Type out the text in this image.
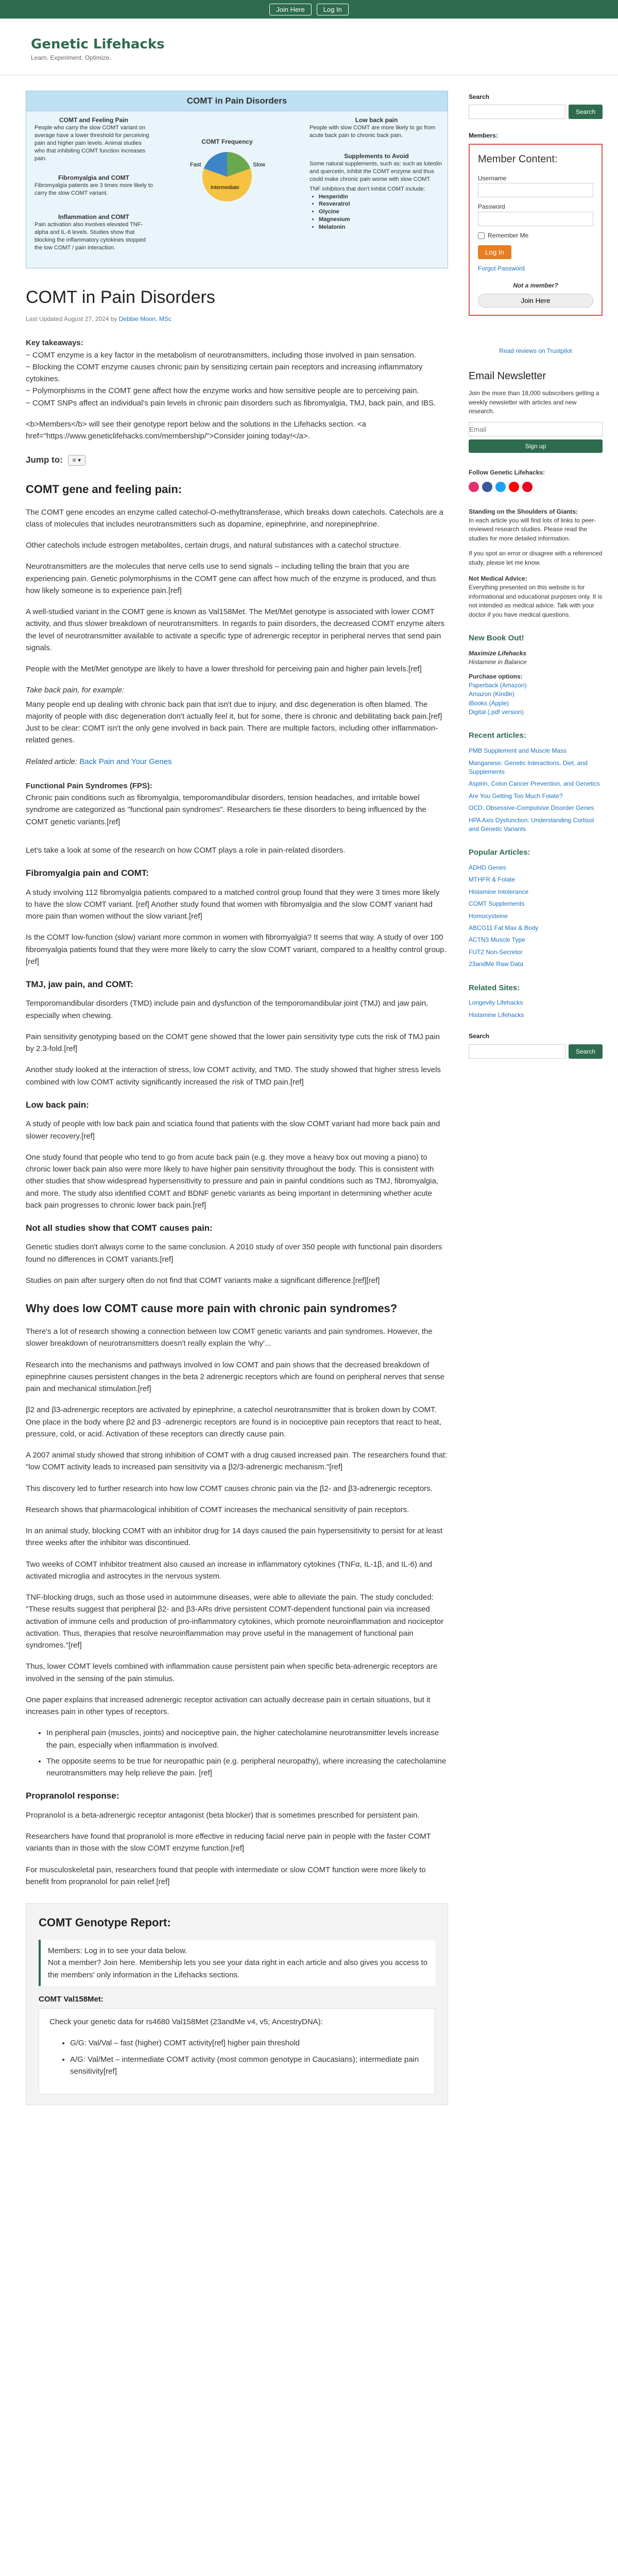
Join Here	Log In
Genetic Lifehacks
Learn. Experiment. Optimize.
COMT in Pain Disorders
COMT and Feeling Pain
People who carry the slow COMT variant on average have a lower threshold for perceiving pain and higher pain levels. Animal studies who that inhibiting COMT function increases pain.
Fibromyalgia and COMT
Fibromyalgia patients are 3 times more likely to carry the slow COMT variant.
Inflammation and COMT
Pain activation also involves elevated TNF-alpha and IL-6 levels. Studies show that blocking the inflammatory cytokines stopped the low COMT / pain interaction.
COMT Frequency
Fast	Slow
Intermediate
Low back pain
People with slow COMT are more likely to go from acute back pain to chronic back pain.
Supplements to Avoid
Some natural supplements, such as: such as luteolin and quercetin, inhibit the COMT enzyme and thus could make chronic pain worse with slow COMT.
TNF inhibitors that don't inhibit COMT include:
• Hesperidin
• Resveratrol
• Glycine
• Magnesium
• Melatonin
COMT in Pain Disorders
Last Updated August 27, 2024 by Debbie Moon, MSc

Key takeaways:
~ COMT enzyme is a key factor in the metabolism of neurotransmitters, including those involved in pain sensation.
~ Blocking the COMT enzyme causes chronic pain by sensitizing certain pain receptors and increasing inflammatory cytokines.
~ Polymorphisms in the COMT gene affect how the enzyme works and how sensitive people are to perceiving pain.
~ COMT SNPs affect an individual's pain levels in chronic pain disorders such as fibromyalgia, TMJ, back pain, and IBS.

<b>Members</b> will see their genotype report below and the solutions in the Lifehacks section. <a href="https://www.geneticlifehacks.com/membership/">Consider joining today!</a>.

Jump to:	≡ ▾
COMT gene and feeling pain:

The COMT gene encodes an enzyme called catechol-O-methyltransferase, which breaks down catechols. Catechols are a class of molecules that includes neurotransmitters such as dopamine, epinephrine, and norepinephrine.

Other catechols include estrogen metabolites, certain drugs, and natural substances with a catechol structure.

Neurotransmitters are the molecules that nerve cells use to send signals – including telling the brain that you are experiencing pain. Genetic polymorphisms in the COMT gene can affect how much of the enzyme is produced, and thus how likely someone is to experience pain.[ref]

A well-studied variant in the COMT gene is known as Val158Met. The Met/Met genotype is associated with lower COMT activity, and thus slower breakdown of neurotransmitters. In regards to pain disorders, the decreased COMT enzyme alters the level of neurotransmitter available to activate a specific type of adrenergic receptor in peripheral nerves that send pain signals.

People with the Met/Met genotype are likely to have a lower threshold for perceiving pain and higher pain levels.[ref]

Take back pain, for example:

Many people end up dealing with chronic back pain that isn't due to injury, and disc degeneration is often blamed. The majority of people with disc degeneration don't actually feel it, but for some, there is chronic and debilitating back pain.[ref] Just to be clear: COMT isn't the only gene involved in back pain. There are multiple factors, including other inflammation-related genes.

Related article: Back Pain and Your Genes

Functional Pain Syndromes (FPS):
Chronic pain conditions such as fibromyalgia, temporomandibular disorders, tension headaches, and irritable bowel syndrome are categorized as "functional pain syndromes". Researchers tie these disorders to being influenced by the COMT genetic variants.[ref]

Let's take a look at some of the research on how COMT plays a role in pain-related disorders.

Fibromyalgia pain and COMT:

A study involving 112 fibromyalgia patients compared to a matched control group found that they were 3 times more likely to have the slow COMT variant. [ref] Another study found that women with fibromyalgia and the slow COMT variant had more pain than women without the slow variant.[ref]

Is the COMT low-function (slow) variant more common in women with fibromyalgia? It seems that way. A study of over 100 fibromyalgia patients found that they were more likely to carry the slow COMT variant, compared to a healthy control group.[ref]

TMJ, jaw pain, and COMT:

Temporomandibular disorders (TMD) include pain and dysfunction of the temporomandibular joint (TMJ) and jaw pain, especially when chewing.

Pain sensitivity genotyping based on the COMT gene showed that the lower pain sensitivity type cuts the risk of TMJ pain by 2.3-fold.[ref]

Another study looked at the interaction of stress, low COMT activity, and TMD. The study showed that higher stress levels combined with low COMT activity significantly increased the risk of TMD pain.[ref]

Low back pain:

A study of people with low back pain and sciatica found that patients with the slow COMT variant had more back pain and slower recovery.[ref]

One study found that people who tend to go from acute back pain (e.g. they move a heavy box out moving a piano) to chronic lower back pain also were more likely to have higher pain sensitivity throughout the body. This is consistent with other studies that show widespread hypersensitivity to pressure and pain in painful conditions such as TMJ, fibromyalgia, and more. The study also identified COMT and BDNF genetic variants as being important in determining whether acute back pain progresses to chronic lower back pain.[ref]

Not all studies show that COMT causes pain:

Genetic studies don't always come to the same conclusion. A 2010 study of over 350 people with functional pain disorders found no differences in COMT variants.[ref]

Studies on pain after surgery often do not find that COMT variants make a significant difference.[ref][ref]

Why does low COMT cause more pain with chronic pain syndromes?

There's a lot of research showing a connection between low COMT genetic variants and pain syndromes. However, the slower breakdown of neurotransmitters doesn't really explain the 'why'...

Research into the mechanisms and pathways involved in low COMT and pain shows that the decreased breakdown of epinephrine causes persistent changes in the beta 2 adrenergic receptors which are found on peripheral nerves that sense pain and mechanical stimulation.[ref]

β2 and β3-adrenergic receptors are activated by epinephrine, a catechol neurotransmitter that is broken down by COMT. One place in the body where β2 and β3 -adrenergic receptors are found is in nociceptive pain receptors that react to heat, pressure, cold, or acid. Activation of these receptors can directly cause pain.

A 2007 animal study showed that strong inhibition of COMT with a drug caused increased pain. The researchers found that: "low COMT activity leads to increased pain sensitivity via a β2/3-adrenergic mechanism."[ref]

This discovery led to further research into how low COMT causes chronic pain via the β2- and β3-adrenergic receptors.

Research shows that pharmacological inhibition of COMT increases the mechanical sensitivity of pain receptors.

In an animal study, blocking COMT with an inhibitor drug for 14 days caused the pain hypersensitivity to persist for at least three weeks after the inhibitor was discontinued.

Two weeks of COMT inhibitor treatment also caused an increase in inflammatory cytokines (TNFα, IL-1β, and IL-6) and activated microglia and astrocytes in the nervous system.

TNF-blocking drugs, such as those used in autoimmune diseases, were able to alleviate the pain. The study concluded: "These results suggest that peripheral β2- and β3-ARs drive persistent COMT-dependent functional pain via increased activation of immune cells and production of pro-inflammatory cytokines, which promote neuroinflammation and nociceptor activation. Thus, therapies that resolve neuroinflammation may prove useful in the management of functional pain syndromes."[ref]

Thus, lower COMT levels combined with inflammation cause persistent pain when specific beta-adrenergic receptors are involved in the sensing of the pain stimulus.

One paper explains that increased adrenergic receptor activation can actually decrease pain in certain situations, but it increases pain in other types of receptors.

• In peripheral pain (muscles, joints) and nociceptive pain, the higher catecholamine neurotransmitter levels increase the pain, especially when inflammation is involved.
• The opposite seems to be true for neuropathic pain (e.g. peripheral neuropathy), where increasing the catecholamine neurotransmitters may help relieve the pain. [ref]
Propranolol response:

Propranolol is a beta-adrenergic receptor antagonist (beta blocker) that is sometimes prescribed for persistent pain.

Researchers have found that propranolol is more effective in reducing facial nerve pain in people with the faster COMT variants than in those with the slow COMT enzyme function.[ref]

For musculoskeletal pain, researchers found that people with intermediate or slow COMT function were more likely to benefit from propranolol for pain relief.[ref]

COMT Genotype Report:
Members: Log in to see your data below.
Not a member? Join here. Membership lets you see your data right in each article and also gives you access to the members' only information in the Lifehacks sections.
COMT Val158Met:

Check your genetic data for rs4680 Val158Met (23andMe v4, v5; AncestryDNA):

• G/G: Val/Val – fast (higher) COMT activity[ref] higher pain threshold
• A/G: Val/Met – intermediate COMT activity (most common genotype in Caucasians); intermediate pain sensitivity[ref]
Search
Search
Members:
Member Content:
Username
Password
Remember Me
Log In
Forgot Password
Not a member?
Join Here
Read reviews on Trustpilot
Email Newsletter
Join the more than 18,000 subscribers getting a weekly newsletter with articles and new research.
Email Sign up
Follow Genetic Lifehacks:
Standing on the Shoulders of Giants:
In each article you will find lots of links to peer-reviewed research studies. Please read the studies for more detailed information.
If you spot an error or disagree with a referenced study, please let me know.
Not Medical Advice:
Everything presented on this website is for informational and educational purposes only. It is not intended as medical advice. Talk with your doctor if you have medical questions.
New Book Out!
Maximize Lifehacks
Histamine in Balance
Purchase options:
Paperback (Amazon)
Amazon (Kindle)
iBooks (Apple)
Digital (.pdf version)
Recent articles:
PMB Supplement and Muscle Mass
Manganese: Genetic Interactions, Diet, and Supplements
Aspirin, Colon Cancer Prevention, and Genetics
Are You Getting Too Much Folate?
OCD: Obsessive-Compulsive Disorder Genes
HPA Axis Dysfunction: Understanding Cortisol and Genetic Variants
Popular Articles:
ADHD Genes
MTHFR & Folate
Histamine Intolerance
COMT Supplements
Homocysteine
ABCG11 Fat Max & Body
ACTN3 Muscle Type
FUT2 Non-Secretor
23andMe Raw Data
Related Sites:
Longevity Lifehacks
Histamine Lifehacks
Search
Search
